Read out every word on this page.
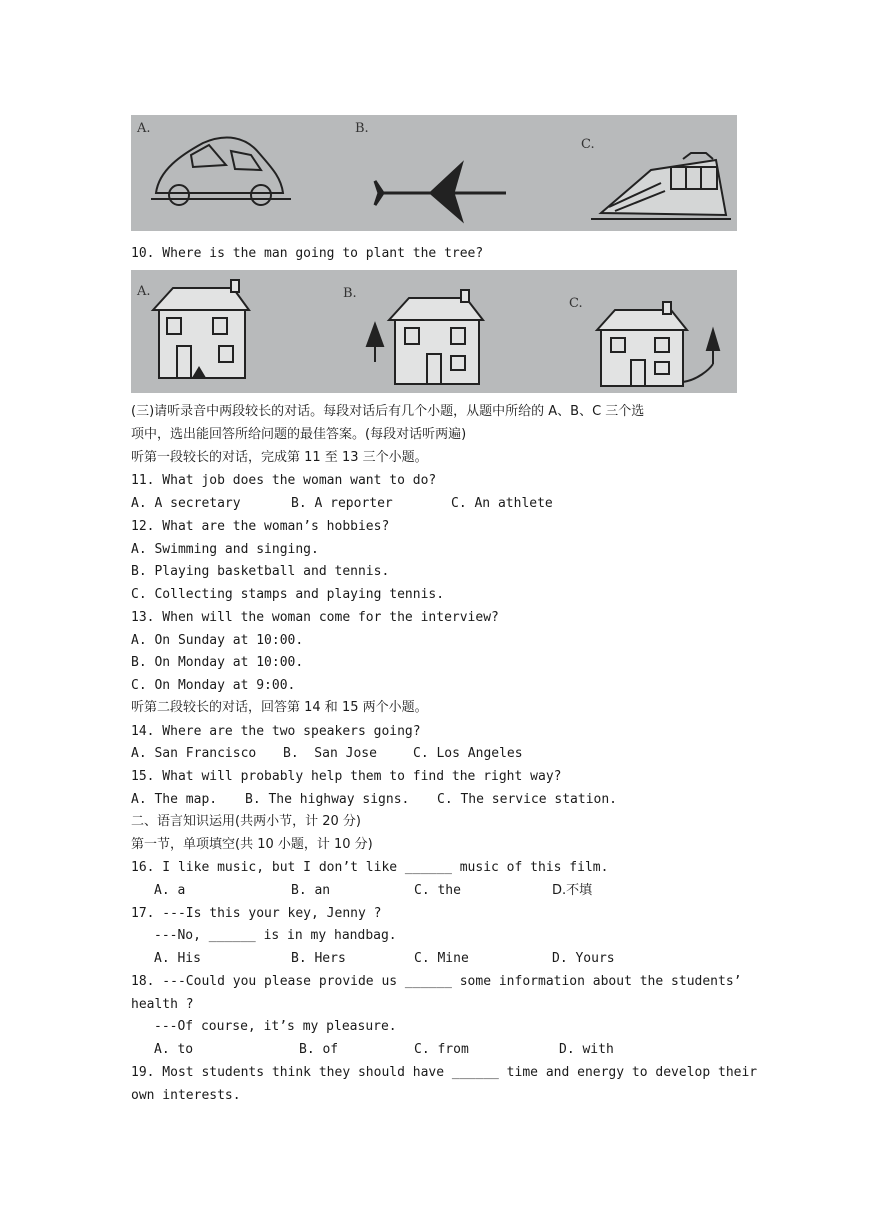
A.	B.
C.
10. Where is the man going to plant the tree?
A.	B.
C.
(三)请听录音中两段较长的对话。每段对话后有几个小题，从题中所给的 A、B、C 三个选
项中，选出能回答所给问题的最佳答案。(每段对话听两遍)
听第一段较长的对话，完成第 11 至 13 三个小题。
11. What job does the woman want to do?
A. A secretary	B. A reporter	C. An athlete
12. What are the woman’s hobbies?
A. Swimming and singing.
B. Playing basketball and tennis.
C. Collecting stamps and playing tennis.
13. When will the woman come for the interview?
A. On Sunday at 10:00.
B. On Monday at 10:00.
C. On Monday at 9:00.
听第二段较长的对话，回答第 14 和 15 两个小题。
14. Where are the two speakers going?
A. San Francisco B.  San Jose	C. Los Angeles
15. What will probably help them to find the right way?
A. The map. B. The highway signs. C. The service station.
二、语言知识运用(共两小节，计 20 分)
第一节，单项填空(共 10 小题，计 10 分)
16. I like music, but I don’t like ______ music of this film.
A. a	B. an	C. the	D.不填
17. ---Is this your key, Jenny ?
---No, ______ is in my handbag.
A. His	B. Hers	C. Mine	D. Yours
18. ---Could you please provide us ______ some information about the students’
health ?
---Of course, it’s my pleasure.
A. to	B. of	C. from	D. with
19. Most students think they should have ______ time and energy to develop their
own interests.
